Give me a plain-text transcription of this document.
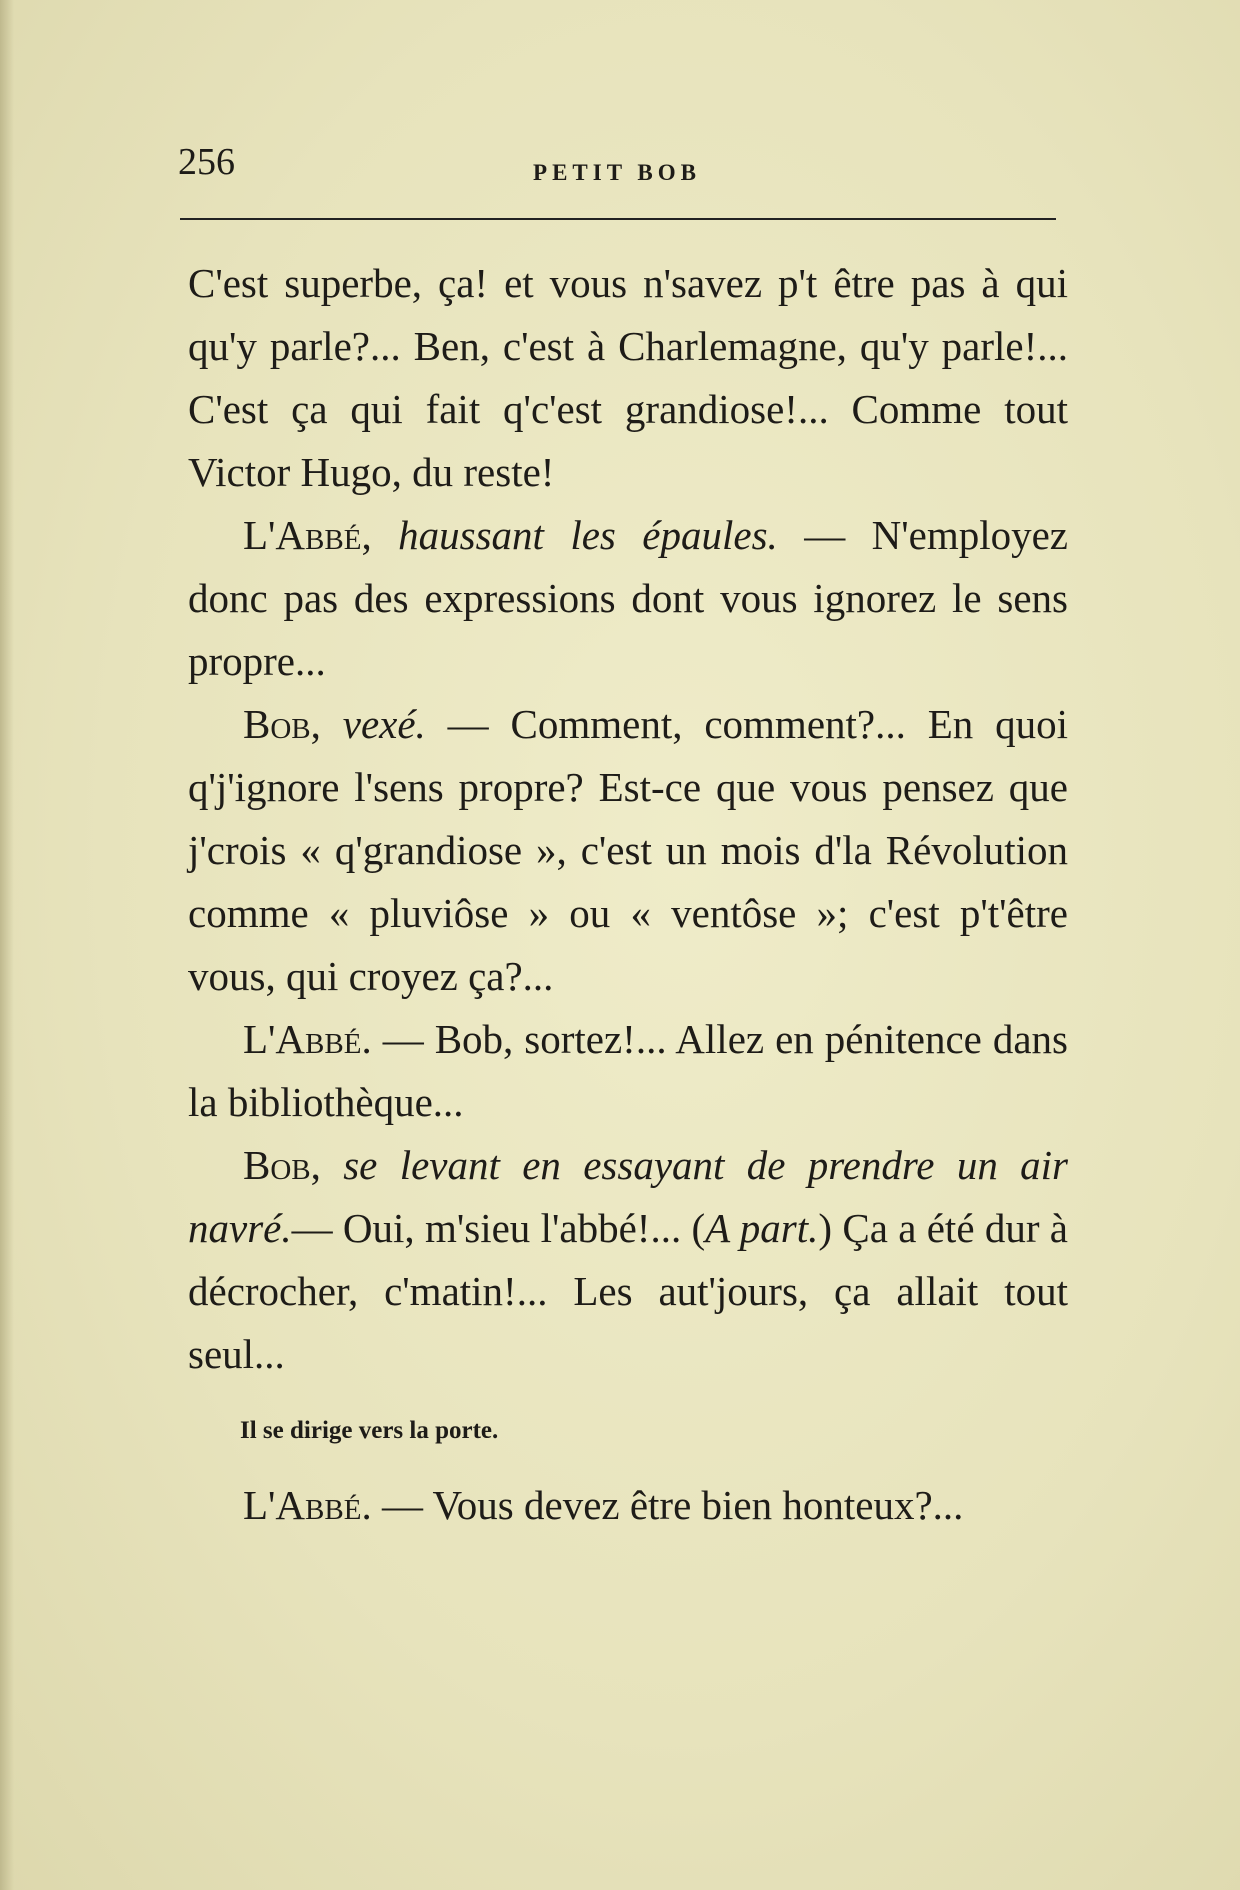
256	PETIT BOB

C'est superbe, ça! et vous n'savez p't être pas à qui qu'y parle?... Ben, c'est à Charlemagne, qu'y parle!... C'est ça qui fait q'c'est grandiose!... Comme tout Victor Hugo, du reste!

L'Abbé, haussant les épaules. — N'employez donc pas des expressions dont vous ignorez le sens propre...

Bob, vexé. — Comment, comment?... En quoi q'j'ignore l'sens propre? Est-ce que vous pensez que j'crois « q'grandiose », c'est un mois d'la Révolution comme « pluviôse » ou « ventôse »; c'est p't'être vous, qui croyez ça?...

L'Abbé. — Bob, sortez!... Allez en pénitence dans la bibliothèque...

Bob, se levant en essayant de prendre un air navré.— Oui, m'sieu l'abbé!... (A part.) Ça a été dur à décrocher, c'matin!... Les aut'jours, ça allait tout seul...

Il se dirige vers la porte.

L'Abbé. — Vous devez être bien honteux?...
